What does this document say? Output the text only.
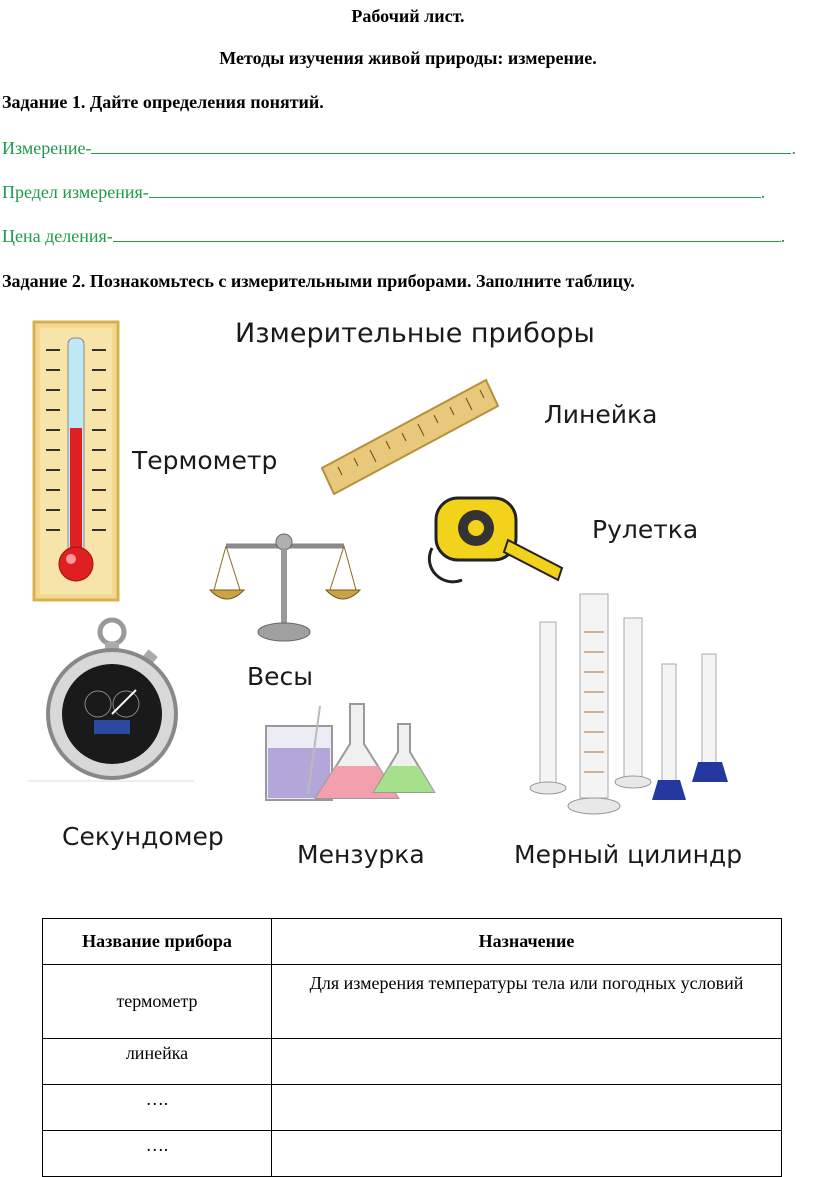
Рабочий лист.
Методы изучения живой природы: измерение.
Задание 1. Дайте определения понятий.
Измерение-	.
Предел измерения-	.
Цена деления-	.
Задание 2. Познакомьтесь с измерительными приборами. Заполните таблицу.
Измерительные приборы
Термометр
Линейка
Рулетка
Весы
Секундомер
Мензурка	Мерный цилиндр
Название прибора	Назначение
термометр	Для измерения температуры тела или погодных условий
линейка	
….	
….	
